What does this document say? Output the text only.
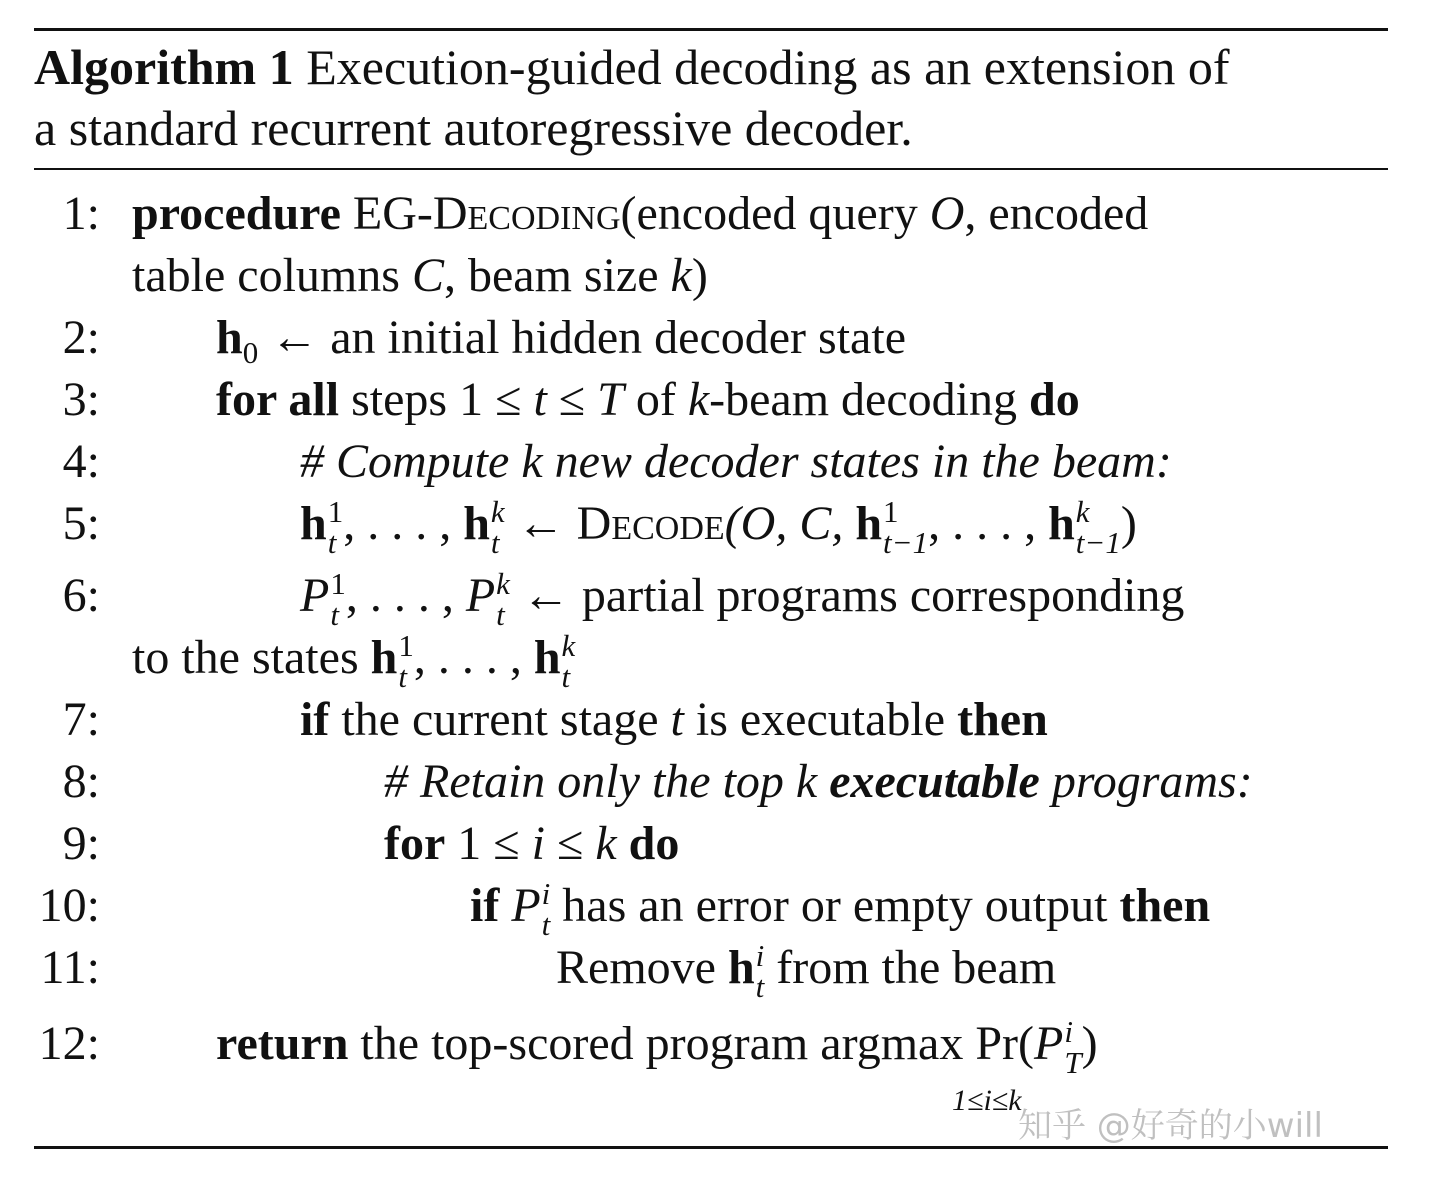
Algorithm 1 Execution-guided decoding as an extension of

a standard recurrent autoregressive decoder.

1: procedure EG-Decoding(encoded query O, encoded
table columns C, beam size k)
2: $h_0$ ← an initial hidden decoder state
3: for all steps 1 ≤ t ≤ T of k-beam decoding do
4:	# Compute k new decoder states in the beam:
5:	h 1
t , . . . , h k
t ← Decode(O, C, h 1
t−1 , . . . , h k
t−1 )
6:	P 1
t , . . . , P k
t ← partial programs corresponding
to the states h 1
t , . . . , h k
t
7:	if the current stage t is executable then
8:	# Retain only the top k executable programs:
9:	for 1 ≤ i ≤ k do
10:	if P i
t has an error or empty output then
11:	Remove h i
t from the beam
12: return the top-scored program argmax Pr(P i
T )
1≤i≤k
知乎 @好奇的小will
